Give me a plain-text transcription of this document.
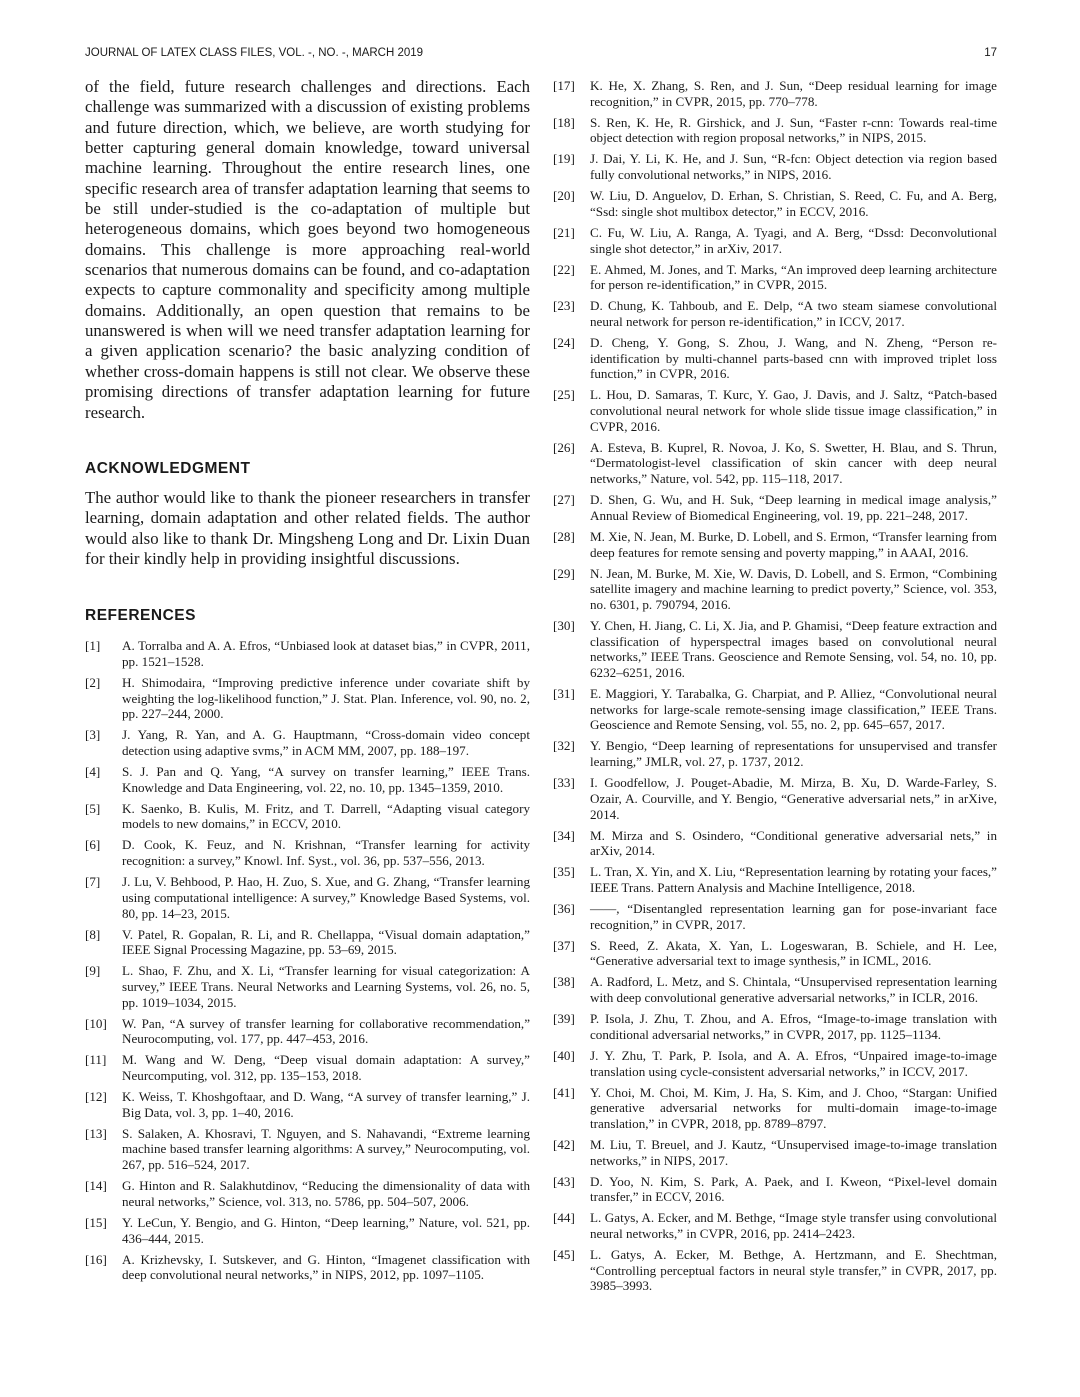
JOURNAL OF LATEX CLASS FILES, VOL. -, NO. -, MARCH 2019	17

of the field, future research challenges and directions. Each challenge was summarized with a discussion of existing problems and future direction, which, we believe, are worth studying for better capturing general domain knowledge, toward universal machine learning. Throughout the entire research lines, one specific research area of transfer adaptation learning that seems to be still under-studied is the co-adaptation of multiple but heterogeneous domains, which goes beyond two homogeneous domains. This challenge is more approaching real-world scenarios that numerous domains can be found, and co-adaptation expects to capture commonality and specificity among multiple domains. Additionally, an open question that remains to be unanswered is when will we need transfer adaptation learning for a given application scenario? the basic analyzing condition of whether cross-domain happens is still not clear. We observe these promising directions of transfer adaptation learning for future research.

ACKNOWLEDGMENT

The author would like to thank the pioneer researchers in transfer learning, domain adaptation and other related fields. The author would also like to thank Dr. Mingsheng Long and Dr. Lixin Duan for their kindly help in providing insightful discussions.

REFERENCES
[1] A. Torralba and A. A. Efros, “Unbiased look at dataset bias,” in CVPR, 2011, pp. 1521–1528.
[2] H. Shimodaira, “Improving predictive inference under covariate shift by weighting the log-likelihood function,” J. Stat. Plan. Inference, vol. 90, no. 2, pp. 227–244, 2000.
[3] J. Yang, R. Yan, and A. G. Hauptmann, “Cross-domain video concept detection using adaptive svms,” in ACM MM, 2007, pp. 188–197.
[4] S. J. Pan and Q. Yang, “A survey on transfer learning,” IEEE Trans. Knowledge and Data Engineering, vol. 22, no. 10, pp. 1345–1359, 2010.
[5] K. Saenko, B. Kulis, M. Fritz, and T. Darrell, “Adapting visual category models to new domains,” in ECCV, 2010.
[6] D. Cook, K. Feuz, and N. Krishnan, “Transfer learning for activity recognition: a survey,” Knowl. Inf. Syst., vol. 36, pp. 537–556, 2013.
[7] J. Lu, V. Behbood, P. Hao, H. Zuo, S. Xue, and G. Zhang, “Transfer learning using computational intelligence: A survey,” Knowledge Based Systems, vol. 80, pp. 14–23, 2015.
[8] V. Patel, R. Gopalan, R. Li, and R. Chellappa, “Visual domain adaptation,” IEEE Signal Processing Magazine, pp. 53–69, 2015.
[9] L. Shao, F. Zhu, and X. Li, “Transfer learning for visual categorization: A survey,” IEEE Trans. Neural Networks and Learning Systems, vol. 26, no. 5, pp. 1019–1034, 2015.
[10] W. Pan, “A survey of transfer learning for collaborative recommendation,” Neurocomputing, vol. 177, pp. 447–453, 2016.
[11] M. Wang and W. Deng, “Deep visual domain adaptation: A survey,” Neurcomputing, vol. 312, pp. 135–153, 2018.
[12] K. Weiss, T. Khoshgoftaar, and D. Wang, “A survey of transfer learning,” J. Big Data, vol. 3, pp. 1–40, 2016.
[13] S. Salaken, A. Khosravi, T. Nguyen, and S. Nahavandi, “Extreme learning machine based transfer learning algorithms: A survey,” Neurocomputing, vol. 267, pp. 516–524, 2017.
[14] G. Hinton and R. Salakhutdinov, “Reducing the dimensionality of data with neural networks,” Science, vol. 313, no. 5786, pp. 504–507, 2006.
[15] Y. LeCun, Y. Bengio, and G. Hinton, “Deep learning,” Nature, vol. 521, pp. 436–444, 2015.
[16] A. Krizhevsky, I. Sutskever, and G. Hinton, “Imagenet classification with deep convolutional neural networks,” in NIPS, 2012, pp. 1097–1105.
[17] K. He, X. Zhang, S. Ren, and J. Sun, “Deep residual learning for image recognition,” in CVPR, 2015, pp. 770–778.
[18] S. Ren, K. He, R. Girshick, and J. Sun, “Faster r-cnn: Towards real-time object detection with region proposal networks,” in NIPS, 2015.
[19] J. Dai, Y. Li, K. He, and J. Sun, “R-fcn: Object detection via region based fully convolutional networks,” in NIPS, 2016.
[20] W. Liu, D. Anguelov, D. Erhan, S. Christian, S. Reed, C. Fu, and A. Berg, “Ssd: single shot multibox detector,” in ECCV, 2016.
[21] C. Fu, W. Liu, A. Ranga, A. Tyagi, and A. Berg, “Dssd: Deconvolutional single shot detector,” in arXiv, 2017.
[22] E. Ahmed, M. Jones, and T. Marks, “An improved deep learning architecture for person re-identification,” in CVPR, 2015.
[23] D. Chung, K. Tahboub, and E. Delp, “A two steam siamese convolutional neural network for person re-identification,” in ICCV, 2017.
[24] D. Cheng, Y. Gong, S. Zhou, J. Wang, and N. Zheng, “Person re-identification by multi-channel parts-based cnn with improved triplet loss function,” in CVPR, 2016.
[25] L. Hou, D. Samaras, T. Kurc, Y. Gao, J. Davis, and J. Saltz, “Patch-based convolutional neural network for whole slide tissue image classification,” in CVPR, 2016.
[26] A. Esteva, B. Kuprel, R. Novoa, J. Ko, S. Swetter, H. Blau, and S. Thrun, “Dermatologist-level classification of skin cancer with deep neural networks,” Nature, vol. 542, pp. 115–118, 2017.
[27] D. Shen, G. Wu, and H. Suk, “Deep learning in medical image analysis,” Annual Review of Biomedical Engineering, vol. 19, pp. 221–248, 2017.
[28] M. Xie, N. Jean, M. Burke, D. Lobell, and S. Ermon, “Transfer learning from deep features for remote sensing and poverty mapping,” in AAAI, 2016.
[29] N. Jean, M. Burke, M. Xie, W. Davis, D. Lobell, and S. Ermon, “Combining satellite imagery and machine learning to predict poverty,” Science, vol. 353, no. 6301, p. 790794, 2016.
[30] Y. Chen, H. Jiang, C. Li, X. Jia, and P. Ghamisi, “Deep feature extraction and classification of hyperspectral images based on convolutional neural networks,” IEEE Trans. Geoscience and Remote Sensing, vol. 54, no. 10, pp. 6232–6251, 2016.
[31] E. Maggiori, Y. Tarabalka, G. Charpiat, and P. Alliez, “Convolutional neural networks for large-scale remote-sensing image classification,” IEEE Trans. Geoscience and Remote Sensing, vol. 55, no. 2, pp. 645–657, 2017.
[32] Y. Bengio, “Deep learning of representations for unsupervised and transfer learning,” JMLR, vol. 27, p. 1737, 2012.
[33] I. Goodfellow, J. Pouget-Abadie, M. Mirza, B. Xu, D. Warde-Farley, S. Ozair, A. Courville, and Y. Bengio, “Generative adversarial nets,” in arXive, 2014.
[34] M. Mirza and S. Osindero, “Conditional generative adversarial nets,” in arXiv, 2014.
[35] L. Tran, X. Yin, and X. Liu, “Representation learning by rotating your faces,” IEEE Trans. Pattern Analysis and Machine Intelligence, 2018.
[36] ——, “Disentangled representation learning gan for pose-invariant face recognition,” in CVPR, 2017.
[37] S. Reed, Z. Akata, X. Yan, L. Logeswaran, B. Schiele, and H. Lee, “Generative adversarial text to image synthesis,” in ICML, 2016.
[38] A. Radford, L. Metz, and S. Chintala, “Unsupervised representation learning with deep convolutional generative adversarial networks,” in ICLR, 2016.
[39] P. Isola, J. Zhu, T. Zhou, and A. Efros, “Image-to-image translation with conditional adversarial networks,” in CVPR, 2017, pp. 1125–1134.
[40] J. Y. Zhu, T. Park, P. Isola, and A. A. Efros, “Unpaired image-to-image translation using cycle-consistent adversarial networks,” in ICCV, 2017.
[41] Y. Choi, M. Choi, M. Kim, J. Ha, S. Kim, and J. Choo, “Stargan: Unified generative adversarial networks for multi-domain image-to-image translation,” in CVPR, 2018, pp. 8789–8797.
[42] M. Liu, T. Breuel, and J. Kautz, “Unsupervised image-to-image translation networks,” in NIPS, 2017.
[43] D. Yoo, N. Kim, S. Park, A. Paek, and I. Kweon, “Pixel-level domain transfer,” in ECCV, 2016.
[44] L. Gatys, A. Ecker, and M. Bethge, “Image style transfer using convolutional neural networks,” in CVPR, 2016, pp. 2414–2423.
[45] L. Gatys, A. Ecker, M. Bethge, A. Hertzmann, and E. Shechtman, “Controlling perceptual factors in neural style transfer,” in CVPR, 2017, pp. 3985–3993.
